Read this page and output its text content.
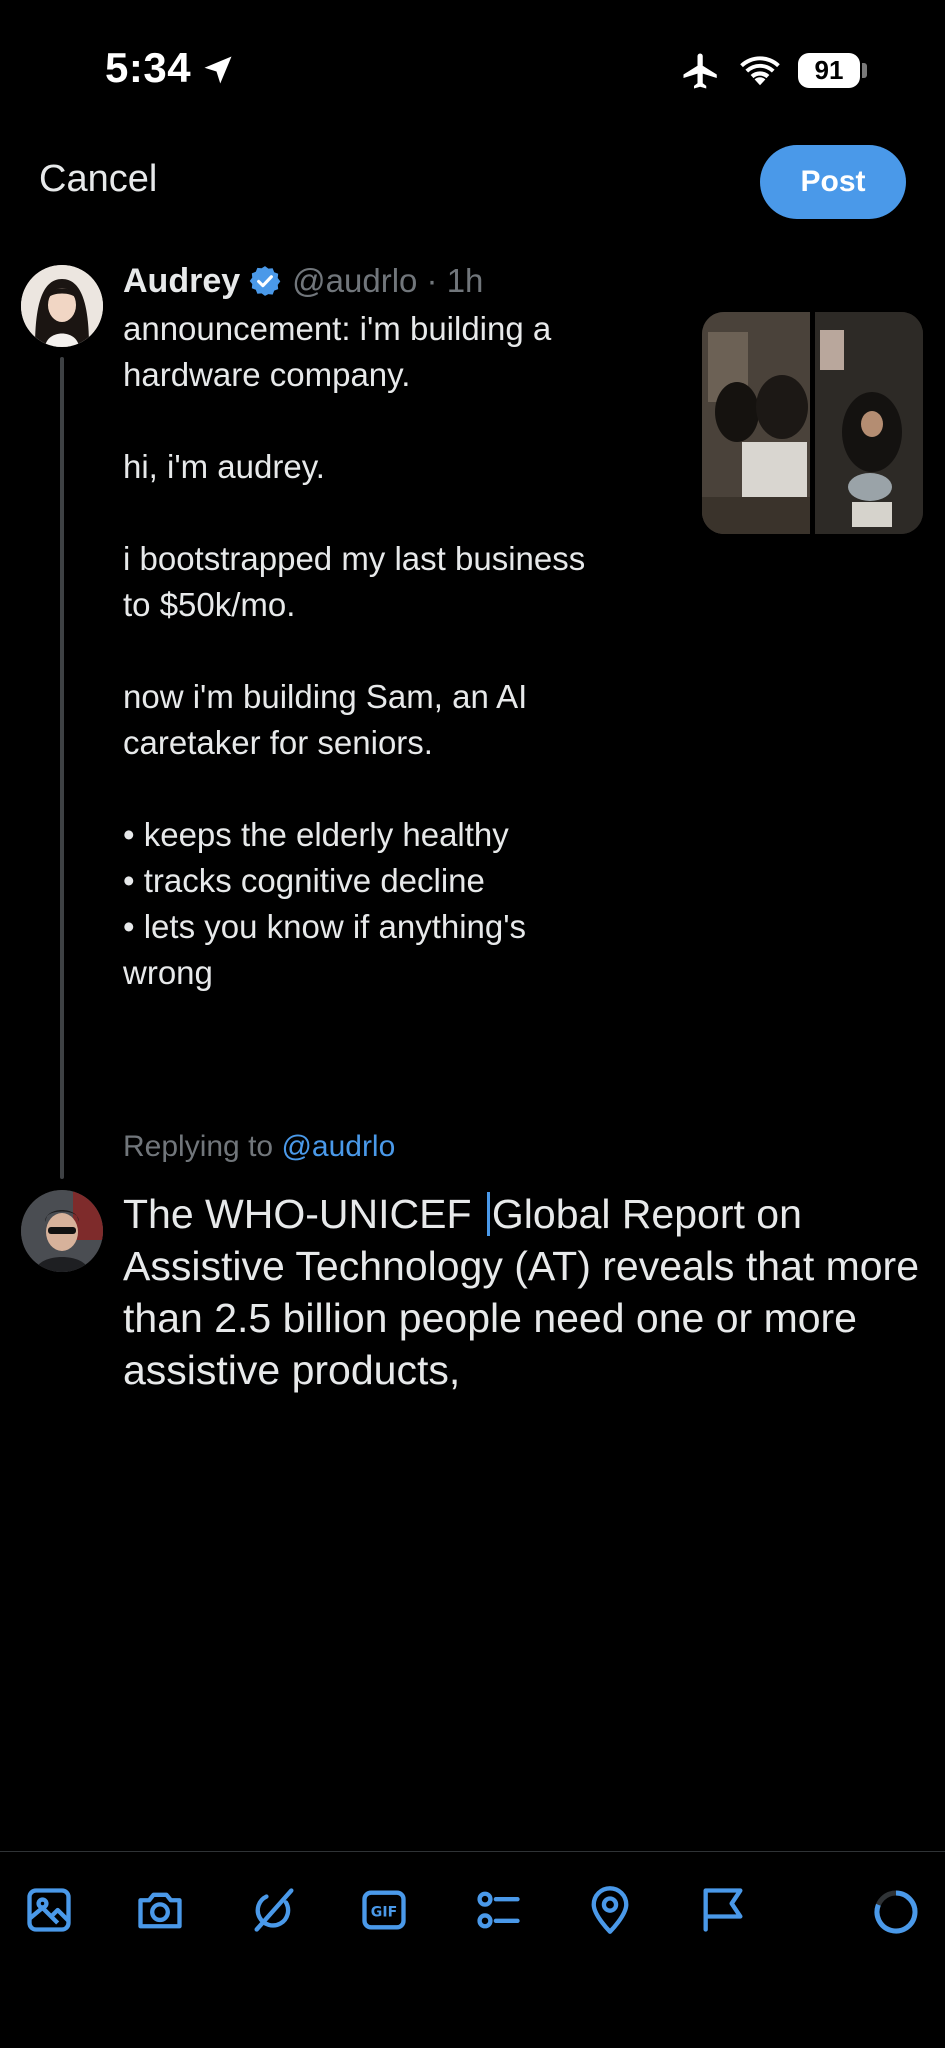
5:34	91
Cancel	Post
Audrey @audrlo · 1h
announcement: i'm building a
hardware company.

hi, i'm audrey.

i bootstrapped my last business
to $50k/mo.

now i'm building Sam, an AI
caretaker for seniors.

• keeps the elderly healthy
• tracks cognitive decline
• lets you know if anything's
wrong
Replying to @audrlo
The WHO-UNICEF Global Report on Assistive Technology (AT) reveals that more than 2.5 billion people need one or more assistive products,
GIF
